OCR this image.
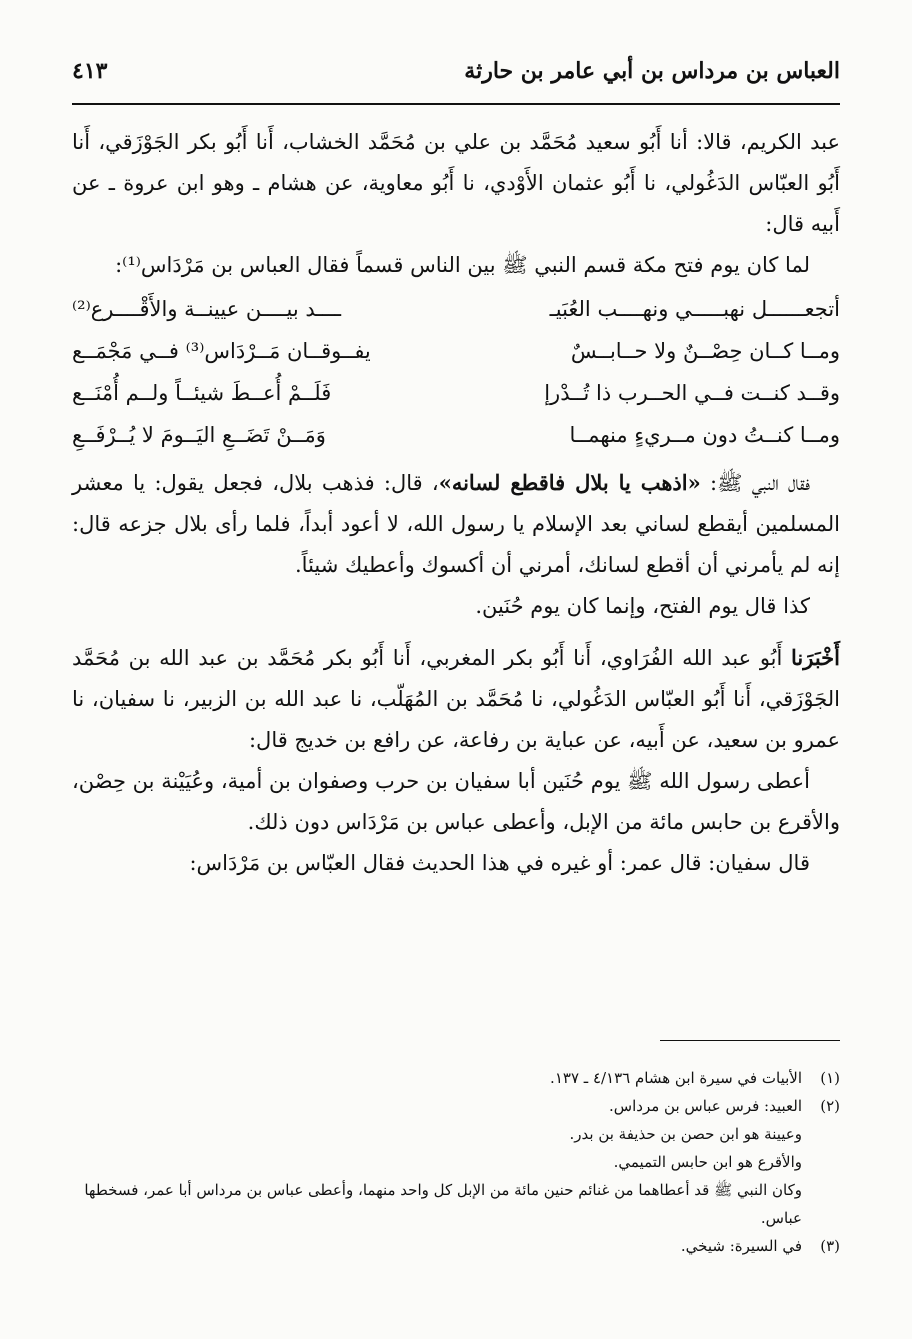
العباس بن مرداس بن أبي عامر بن حارثة
٤١٣

عبد الكريم، قالا: أنا أَبُو سعيد مُحَمَّد بن علي بن مُحَمَّد الخشاب، أَنا أَبُو بكر الجَوْزَقي، أَنا أَبُو العبّاس الدَغُولي، نا أَبُو عثمان الأَوْدي، نا أَبُو معاوية، عن هشام ـ وهو ابن عروة ـ عن أَبيه قال:

لما كان يوم فتح مكة قسم النبي ﷺ بين الناس قسماً فقال العباس بن مَرْدَاس⁽¹⁾:

أتجعــــــل نهبـــــي ونهــــب العُبَيـ
ــــد بيــــن عيينــة والأَقْــــرع⁽²⁾
ومــا كــان حِصْــنٌ ولا حــابــسٌ
يفــوقــان مَــرْدَاس⁽³⁾ فــي مَجْمَــع
وقــد كنــت فــي الحــرب ذا تُــدْرإ
فَلَــمْ أُعــطَ شيئــاً ولــم أُمْنَــع
ومــا كنــتُ دون مــريءٍ منهمــا
وَمَــنْ تَضَــعِ اليَــومَ لا يُــرْفَــعِ

فقال النبي ﷺ: «اذهب يا بلال فاقطع لسانه»، قال: فذهب بلال، فجعل يقول: يا معشر المسلمين أيقطع لساني بعد الإسلام يا رسول الله، لا أعود أبداً، فلما رأى بلال جزعه قال: إنه لم يأمرني أن أقطع لسانك، أمرني أن أكسوك وأعطيك شيئاً.

كذا قال يوم الفتح، وإنما كان يوم حُنَين.

أَخْبَرَنا أَبُو عبد الله الفُرَاوي، أَنا أَبُو بكر المغربي، أَنا أَبُو بكر مُحَمَّد بن عبد الله بن مُحَمَّد الجَوْزَقي، أَنا أَبُو العبّاس الدَغُولي، نا مُحَمَّد بن المُهَلّب، نا عبد الله بن الزبير، نا سفيان، نا عمرو بن سعيد، عن أَبيه، عن عباية بن رفاعة، عن رافع بن خديج قال:

أعطى رسول الله ﷺ يوم حُنَين أبا سفيان بن حرب وصفوان بن أمية، وعُيَيْنة بن حِصْن، والأقرع بن حابس مائة من الإبل، وأعطى عباس بن مَرْدَاس دون ذلك.

قال سفيان: قال عمر: أو غيره في هذا الحديث فقال العبّاس بن مَرْدَاس:

(١)
الأبيات في سيرة ابن هشام ٤/١٣٦ ـ ١٣٧.
(٢)
العبيد: فرس عباس بن مرداس.
وعيينة هو ابن حصن بن حذيفة بن بدر.
والأقرع هو ابن حابس التميمي.
وكان النبي ﷺ قد أعطاهما من غنائم حنين مائة من الإبل كل واحد منهما، وأعطى عباس بن مرداس أبا عمر، فسخطها عباس.
(٣)
في السيرة: شيخي.
